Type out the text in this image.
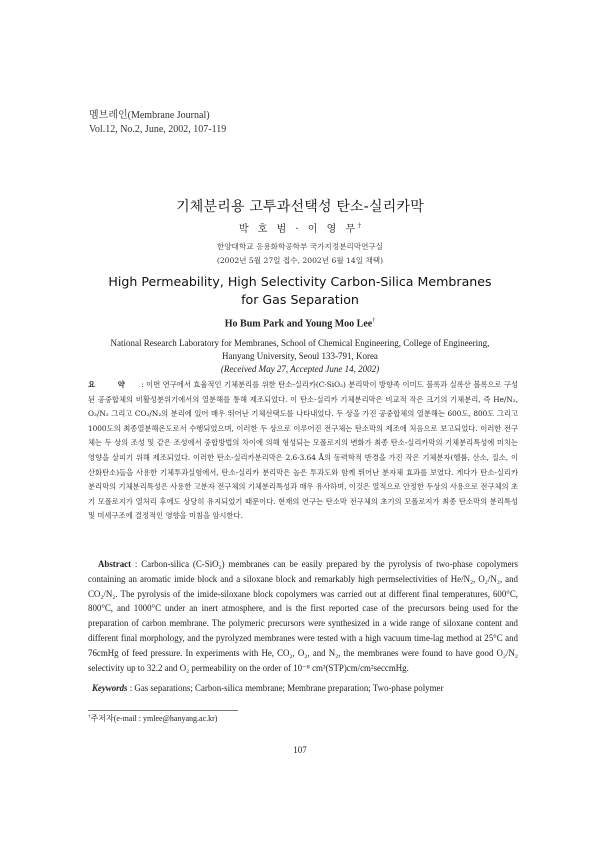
멤브레인(Membrane Journal)
Vol.12, No.2, June, 2002, 107-119
기체분리용 고투과선택성 탄소-실리카막
박 호 범 · 이 영 무†
한양대학교 응용화학공학부 국가지정분리막연구실
(2002년 5월 27일 접수, 2002년 6월 14일 채택)
High Permeability, High Selectivity Carbon-Silica Membranes
for Gas Separation
Ho Bum Park and Young Moo Lee†
National Research Laboratory for Membranes, School of Chemical Engineering, College of Engineering,
Hanyang University, Seoul 133-791, Korea
(Received May 27, Accepted June 14, 2002)
요 약 : 이번 연구에서 효율적인 기체분리를 위한 탄소-실리카(C-SiO₂) 분리막이 방향족 이미드 블록과 실록산 블록으로 구성된 공중합체의 비활성분위기에서의 열분해를 통해 제조되었다. 이 탄소-실리카 기체분리막은 비교적 작은 크기의 기체분리, 즉 He/N₂, O₂/N₂ 그리고 CO₂/N₂의 분리에 있어 매우 뛰어난 기체선택도를 나타내었다. 두 상을 가진 공중합체의 열분해는 600도, 800도 그리고 1000도의 최종열분해온도로서 수행되었으며, 이러한 두 상으로 이루어진 전구체는 탄소막의 제조에 처음으로 보고되었다. 이러한 전구체는 두 상의 조성 및 같은 조성에서 중합방법의 차이에 의해 형성되는 모폴로지의 변화가 최종 탄소-실리카막의 기체분리특성에 미치는 영향을 살피기 위해 제조되었다. 이러한 탄소-실리카분리막은 2.6-3.64 Å의 동력학적 반경을 가진 작은 기체분자(헬륨, 산소, 질소, 이산화탄소)들을 사용한 기체투과실험에서, 탄소-실리카 분리막은 높은 투과도와 함께 뛰어난 분자체 효과를 보였다. 게다가 탄소-실리카분리막의 기체분리특성은 사용한 고분자 전구체의 기체분리특성과 매우 유사하며, 이것은 열적으로 안정한 두상의 사용으로 전구체의 초기 모폴로지가 열처리 후에도 상당히 유지되었기 때문이다. 현재의 연구는 탄소막 전구체의 초기의 모폴로지가 최종 탄소막의 분리특성 및 미세구조에 결정적인 영향을 미침을 암시한다.
Abstract : Carbon-silica (C-SiO₂) membranes can be easily prepared by the pyrolysis of two-phase copolymers containing an aromatic imide block and a siloxane block and remarkably high permselectivities of He/N₂, O₂/N₂, and CO₂/N₂. The pyrolysis of the imide-siloxane block copolymers was carried out at different final temperatures, 600°C, 800°C, and 1000°C under an inert atmosphere, and is the first reported case of the precursors being used for the preparation of carbon membrane. The polymeric precursors were synthesized in a wide range of siloxane content and different final morphology, and the pyrolyzed membranes were tested with a high vacuum time-lag method at 25°C and 76cmHg of feed pressure. In experiments with He, CO₂, O₂, and N₂, the membranes were found to have good O₂/N₂ selectivity up to 32.2 and O₂ permeability on the order of 10⁻⁸ cm³(STP)cm/cm²seccmHg.
Keywords : Gas separations; Carbon-silica membrane; Membrane preparation; Two-phase polymer
†주저자(e-mail : ymlee@hanyang.ac.kr)
107
